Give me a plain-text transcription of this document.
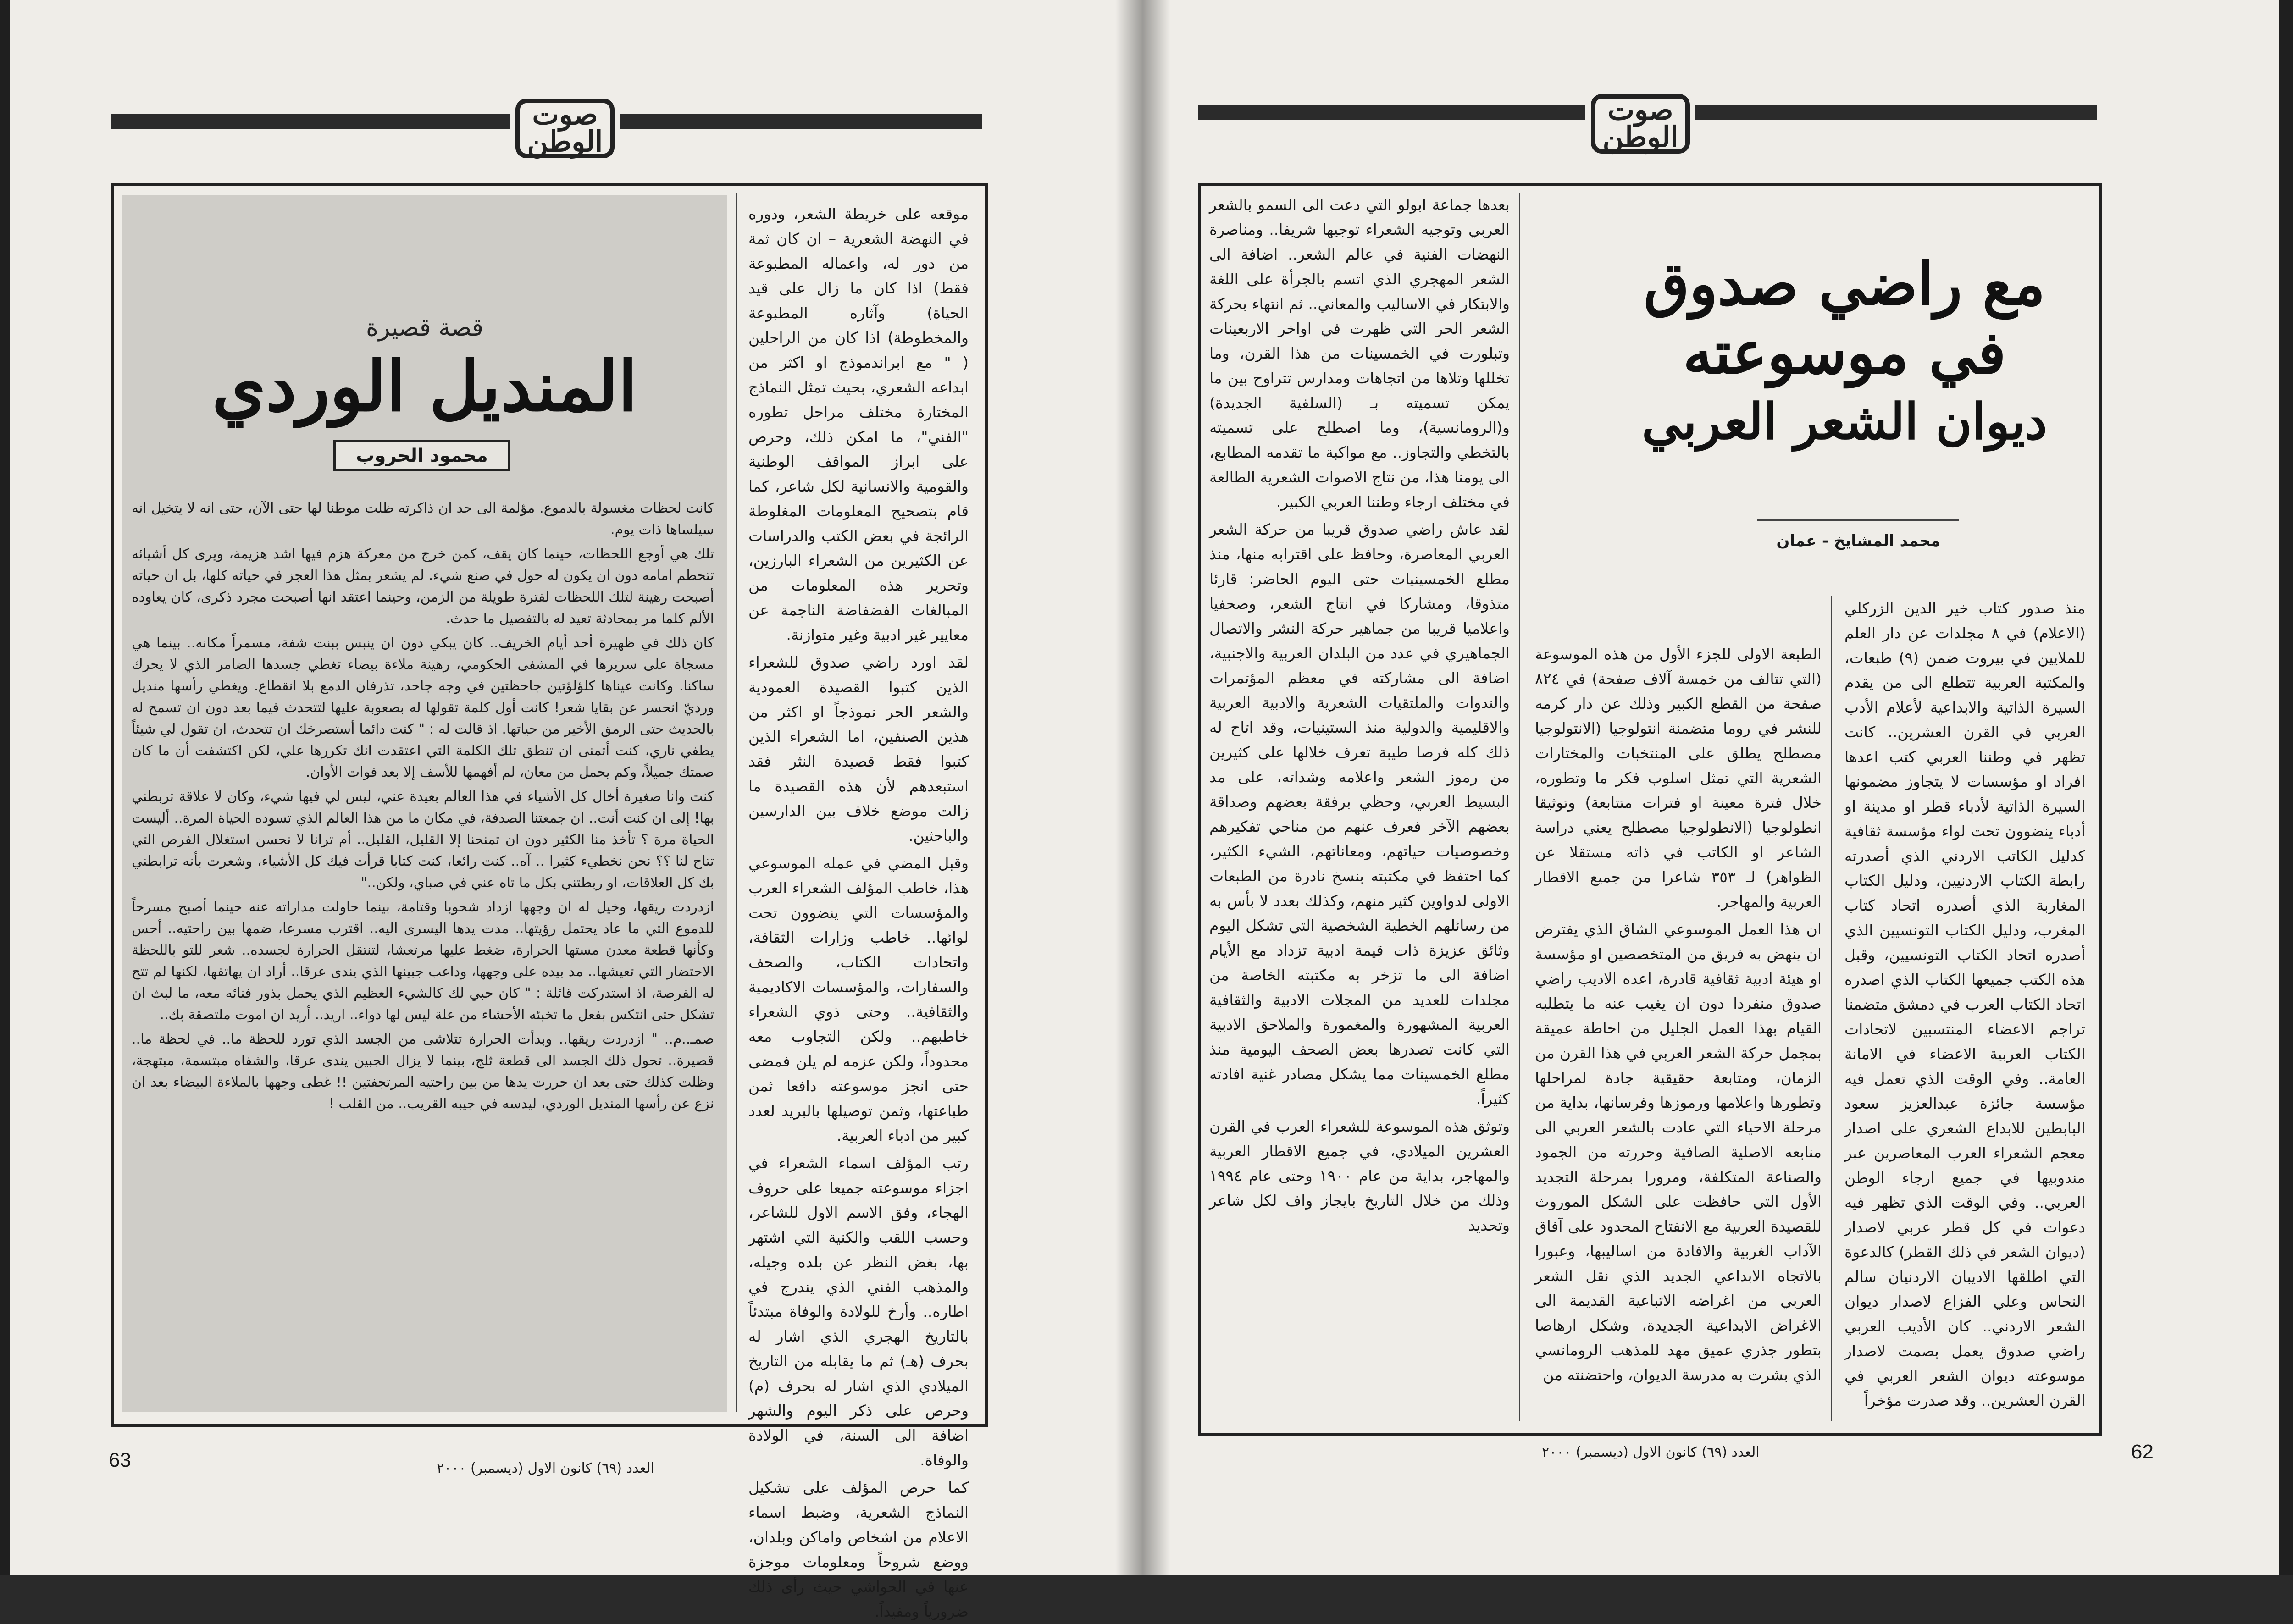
صوت
الوطن

موقعه على خريطة الشعر، ودوره في النهضة الشعرية – ان كان ثمة من دور له، واعماله المطبوعة فقط) اذا كان ما زال على قيد الحياة) وآثاره المطبوعة والمخطوطة) اذا كان من الراحلين ( " مع ابراندموذج او اكثر من ابداعه الشعري، بحيث تمثل النماذج المختارة مختلف مراحل تطوره "الفني"، ما امكن ذلك، وحرص على ابراز المواقف الوطنية والقومية والانسانية لكل شاعر، كما قام بتصحيح المعلومات المغلوطة الرائجة في بعض الكتب والدراسات عن الكثيرين من الشعراء البارزين، وتحرير هذه المعلومات من المبالغات الفضفاضة الناجمة عن معايير غير ادبية وغير متوازنة.

لقد اورد راضي صدوق للشعراء الذين كتبوا القصيدة العمودية والشعر الحر نموذجاً او اكثر من هذين الصنفين، اما الشعراء الذين كتبوا فقط قصيدة النثر فقد استبعدهم لأن هذه القصيدة ما زالت موضع خلاف بين الدارسين والباحثين.

وقبل المضي في عمله الموسوعي هذا، خاطب المؤلف الشعراء العرب والمؤسسات التي ينضوون تحت لوائها.. خاطب وزارات الثقافة، واتحادات الكتاب، والصحف والسفارات، والمؤسسات الاكاديمية والثقافية.. وحتى ذوي الشعراء خاطبهم.. ولكن التجاوب معه محدوداً، ولكن عزمه لم يلن فمضى حتى انجز موسوعته دافعا ثمن طباعتها، وثمن توصيلها بالبريد لعدد كبير من ادباء العربية.

رتب المؤلف اسماء الشعراء في اجزاء موسوعته جميعا على حروف الهجاء، وفق الاسم الاول للشاعر، وحسب اللقب والكنية التي اشتهر بها، بغض النظر عن بلده وجيله، والمذهب الفني الذي يندرج في اطاره.. وأرخ للولادة والوفاة مبتدئاً بالتاريخ الهجري الذي اشار له بحرف (هـ) ثم ما يقابله من التاريخ الميلادي الذي اشار له بحرف (م) وحرص على ذكر اليوم والشهر اضافة الى السنة، في الولادة والوفاة.

كما حرص المؤلف على تشكيل النماذج الشعرية، وضبط اسماء الاعلام من اشخاص واماكن وبلدان، ووضع شروحاً ومعلومات موجزة عنها في الحواشي حيث رأى ذلك ضرورياً ومفيداً.

قصة قصيرة
المنديل الوردي
محمود الحروب

كانت لحظات مغسولة بالدموع. مؤلمة الى حد ان ذاكرته ظلت موطنا لها حتى الآن، حتى انه لا يتخيل انه سيلساها ذات يوم.

تلك هي أوجع اللحظات، حينما كان يقف، كمن خرج من معركة هزم فيها اشد هزيمة، ويرى كل أشيائه تتحطم امامه دون ان يكون له حول في صنع شيء. لم يشعر بمثل هذا العجز في حياته كلها، بل ان حياته أصبحت رهينة لتلك اللحظات لفترة طويلة من الزمن، وحينما اعتقد انها أصبحت مجرد ذكرى، كان يعاوده الألم كلما مر بمحادثة تعيد له بالتفصيل ما حدث.

كان ذلك في ظهيرة أحد أيام الخريف.. كان يبكي دون ان ينبس ببنت شفة، مسمراً مكانه.. بينما هي مسجاة على سريرها في المشفى الحكومي، رهينة ملاءة بيضاء تغطي جسدها الضامر الذي لا يحرك ساكنا. وكانت عيناها كلؤلؤتين جاحظتين في وجه جاحد، تذرفان الدمع بلا انقطاع. ويغطي رأسها منديل ورديّ انحسر عن بقايا شعر! كانت أول كلمة تقولها له بصعوبة عليها لتتحدث فيما بعد دون ان تسمح له بالحديث حتى الرمق الأخير من حياتها. اذ قالت له : " كنت دائما أستصرخك ان تتحدث، ان تقول لي شيئاً يطفي ناري، كنت أتمنى ان تنطق تلك الكلمة التي اعتقدت انك تكررها علي، لكن اكتشفت أن ما كان صمتك جميلاً، وكم يحمل من معان، لم أفهمها للأسف إلا بعد فوات الأوان.

كنت وانا صغيرة أخال كل الأشياء في هذا العالم بعيدة عني، ليس لي فيها شيء، وكان لا علاقة تربطني بها! إلى ان كنت أنت.. ان جمعتنا الصدفة، في مكان ما من هذا العالم الذي تسوده الحياة المرة.. أليست الحياة مرة ؟ تأخذ منا الكثير دون ان تمنحنا إلا القليل، القليل.. أم ترانا لا نحسن استغلال الفرص التي تتاح لنا ؟؟ نحن نخطيء كثيرا .. آه.. كنت رائعا، كنت كتابا قرأت فيك كل الأشياء، وشعرت بأنه ترابطني بك كل العلاقات، او ربطتني بكل ما تاه عني في صباي، ولكن.."

ازدردت ريقها، وخيل له ان وجهها ازداد شحوبا وقتامة، بينما حاولت مداراته عنه حينما أصبح مسرحاً للدموع التي ما عاد يحتمل رؤيتها.. مدت يدها اليسرى اليه.. اقترب مسرعا، ضمها بين راحتيه.. أحس وكأنها قطعة معدن مستها الحرارة، ضغط عليها مرتعشا، لتنتقل الحرارة لجسده.. شعر للتو باللحظة الاحتضار التي تعيشها.. مد بيده على وجهها، وداعب جبينها الذي يندى عرقا.. أراد ان يهاتفها، لكنها لم تتح له الفرصة، اذ استدركت قائلة : " كان حبي لك كالشيء العظيم الذي يحمل بذور فنائه معه، ما لبث ان تشكل حتى انتكس بفعل ما تخبئه الأحشاء من علة ليس لها دواء.. اريد.. أريد ان اموت ملتصقة بك..

صمـ..م.. " ازدردت ريقها.. وبدأت الحرارة تتلاشى من الجسد الذي تورد للحظة ما.. في لحظة ما.. قصيرة.. تحول ذلك الجسد الى قطعة ثلج، بينما لا يزال الجبين يندى عرقا، والشفاه مبتسمة، مبتهجة، وظلت كذلك حتى بعد ان حررت يدها من بين راحتيه المرتجفتين !! غطى وجهها بالملاءة البيضاء بعد ان نزع عن رأسها المنديل الوردي، ليدسه في جيبه القريب.. من القلب !

العدد (٦٩) كانون الاول (ديسمبر) ٢٠٠٠
63
صوت
الوطن
مع راضي صدوق
في موسوعته
ديوان الشعر العربي
محمد المشايخ - عمان

منذ صدور كتاب خير الدين الزركلي (الاعلام) في ٨ مجلدات عن دار العلم للملايين في بيروت ضمن (٩) طبعات، والمكتبة العربية تتطلع الى من يقدم السيرة الذاتية والابداعية لأعلام الأدب العربي في القرن العشرين.. كانت تظهر في وطننا العربي كتب اعدها افراد او مؤسسات لا يتجاوز مضمونها السيرة الذاتية لأدباء قطر او مدينة او أدباء ينضوون تحت لواء مؤسسة ثقافية كدليل الكاتب الاردني الذي أصدرته رابطة الكتاب الاردنيين، ودليل الكتاب المغاربة الذي أصدره اتحاد كتاب المغرب، ودليل الكتاب التونسيين الذي أصدره اتحاد الكتاب التونسيين، وقبل هذه الكتب جميعها الكتاب الذي اصدره اتحاد الكتاب العرب في دمشق متضمنا تراجم الاعضاء المنتسبين لاتحادات الكتاب العربية الاعضاء في الامانة العامة.. وفي الوقت الذي تعمل فيه مؤسسة جائزة عبدالعزيز سعود البابطين للابداع الشعري على اصدار معجم الشعراء العرب المعاصرين عبر مندوبيها في جميع ارجاء الوطن العربي.. وفي الوقت الذي تظهر فيه دعوات في كل قطر عربي لاصدار (ديوان الشعر في ذلك القطر) كالدعوة التي اطلقها الاديبان الاردنيان سالم النحاس وعلي الفزاع لاصدار ديوان الشعر الاردني.. كان الأديب العربي راضي صدوق يعمل بصمت لاصدار موسوعته ديوان الشعر العربي في القرن العشرين.. وقد صدرت مؤخراً

الطبعة الاولى للجزء الأول من هذه الموسوعة (التي تتالف من خمسة آلاف صفحة) في ٨٢٤ صفحة من القطع الكبير وذلك عن دار كرمه للنشر في روما متضمنة انتولوجيا (الانتولوجيا مصطلح يطلق على المنتخبات والمختارات الشعرية التي تمثل اسلوب فكر ما وتطوره، خلال فترة معينة او فترات متتابعة) وتوثيقا انطولوجيا (الانطولوجيا مصطلح يعني دراسة الشاعر او الكاتب في ذاته مستقلا عن الظواهر) لـ ٣٥٣ شاعرا من جميع الاقطار العربية والمهاجر.

ان هذا العمل الموسوعي الشاق الذي يفترض ان ينهض به فريق من المتخصصين او مؤسسة او هيئة ادبية ثقافية قادرة، اعده الاديب راضي صدوق منفردا دون ان يغيب عنه ما يتطلبه القيام بهذا العمل الجليل من احاطة عميقة بمجمل حركة الشعر العربي في هذا القرن من الزمان، ومتابعة حقيقية جادة لمراحلها وتطورها واعلامها ورموزها وفرسانها، بداية من مرحلة الاحياء التي عادت بالشعر العربي الى منابعه الاصلية الصافية وحررته من الجمود والصناعة المتكلفة، ومرورا بمرحلة التجديد الأول التي حافظت على الشكل الموروث للقصيدة العربية مع الانفتاح المحدود على آفاق الآداب الغربية والافادة من اساليبها، وعبورا بالاتجاه الابداعي الجديد الذي نقل الشعر العربي من اغراضه الاتباعية القديمة الى الاغراض الابداعية الجديدة، وشكل ارهاصا بتطور جذري عميق مهد للمذهب الرومانسي الذي بشرت به مدرسة الديوان، واحتضنته من

بعدها جماعة ابولو التي دعت الى السمو بالشعر العربي وتوجيه الشعراء توجيها شريفا.. ومناصرة النهضات الفنية في عالم الشعر.. اضافة الى الشعر المهجري الذي اتسم بالجرأة على اللغة والابتكار في الاساليب والمعاني.. ثم انتهاء بحركة الشعر الحر التي ظهرت في اواخر الاربعينات وتبلورت في الخمسينات من هذا القرن، وما تخللها وتلاها من اتجاهات ومدارس تتراوح بين ما يمكن تسميته بـ (السلفية الجديدة) و(الرومانسية)، وما اصطلح على تسميته بالتخطي والتجاوز.. مع مواكبة ما تقدمه المطابع، الى يومنا هذا، من نتاج الاصوات الشعرية الطالعة في مختلف ارجاء وطننا العربي الكبير.

لقد عاش راضي صدوق قريبا من حركة الشعر العربي المعاصرة، وحافظ على اقترابه منها، منذ مطلع الخمسينيات حتى اليوم الحاضر: قارئا متذوقا، ومشاركا في انتاج الشعر، وصحفيا واعلاميا قريبا من جماهير حركة النشر والاتصال الجماهيري في عدد من البلدان العربية والاجنبية، اضافة الى مشاركته في معظم المؤتمرات والندوات والملتقيات الشعرية والادبية العربية والاقليمية والدولية منذ الستينيات، وقد اتاح له ذلك كله فرصا طيبة تعرف خلالها على كثيرين من رموز الشعر واعلامه وشداته، على مد البسيط العربي، وحظي برفقة بعضهم وصداقة بعضهم الآخر فعرف عنهم من مناحي تفكيرهم وخصوصيات حياتهم، ومعاناتهم، الشيء الكثير، كما احتفظ في مكتبته بنسخ نادرة من الطبعات الاولى لدواوين كثير منهم، وكذلك بعدد لا بأس به من رسائلهم الخطية الشخصية التي تشكل اليوم وثائق عزيزة ذات قيمة ادبية تزداد مع الأيام اضافة الى ما تزخر به مكتبته الخاصة من مجلدات للعديد من المجلات الادبية والثقافية العربية المشهورة والمغمورة والملاحق الادبية التي كانت تصدرها بعض الصحف اليومية منذ مطلع الخمسينات مما يشكل مصادر غنية افادته كثيراً.

وتوثق هذه الموسوعة للشعراء العرب في القرن العشرين الميلادي، في جميع الاقطار العربية والمهاجر، بداية من عام ١٩٠٠ وحتى عام ١٩٩٤ وذلك من خلال التاريخ بايجاز واف لكل شاعر وتحديد

العدد (٦٩) كانون الاول (ديسمبر) ٢٠٠٠	62
